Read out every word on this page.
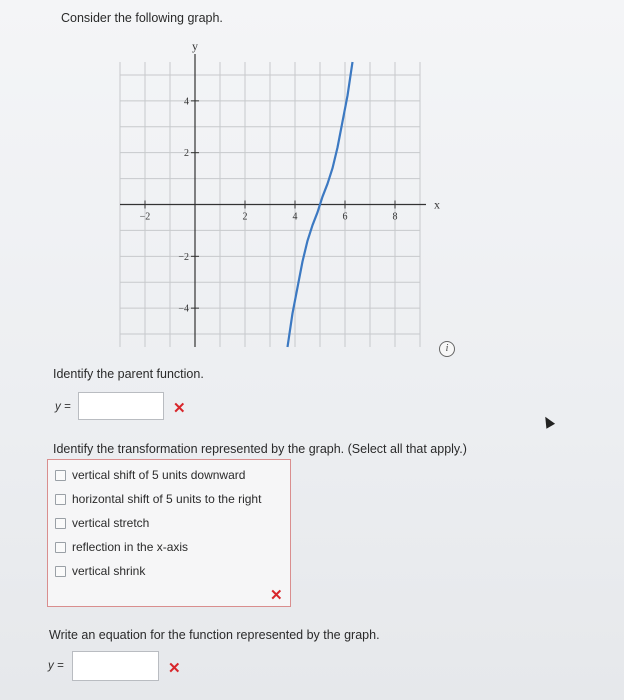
Consider the following graph.
x
y
−2	2	4	6	8
4
2
−2
−4
i
Identify the parent function.
y =	✕
Identify the transformation represented by the graph. (Select all that apply.)
vertical shift of 5 units downward
horizontal shift of 5 units to the right
vertical stretch
reflection in the x-axis
vertical shrink
✕
Write an equation for the function represented by the graph.
y =	✕
